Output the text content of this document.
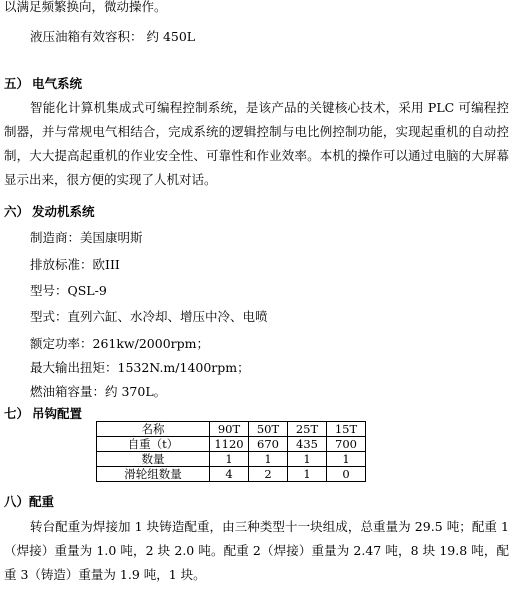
以满足频繁换向，微动操作。
液压油箱有效容积： 约 450L
五） 电气系统

智能化计算机集成式可编程控制系统，是该产品的关键核心技术，采用 PLC 可编程控制器，并与常规电气相结合，完成系统的逻辑控制与电比例控制功能，实现起重机的自动控制，大大提高起重机的作业安全性、可靠性和作业效率。本机的操作可以通过电脑的大屏幕显示出来，很方便的实现了人机对话。

六） 发动机系统
制造商：美国康明斯
排放标准：欧III
型号：QSL-9
型式：直列六缸、水冷却、增压中冷、电喷
额定功率：261kw/2000rpm；
最大输出扭矩：1532N.m/1400rpm；
燃油箱容量：约 370L。
七） 吊钩配置
名称	90T	50T	25T	15T
自重（t）	1120	670	435	700
数量	1	1	1	1
滑轮组数量	4	2	1	0
八）配重

转台配重为焊接加 1 块铸造配重，由三种类型十一块组成，总重量为 29.5 吨；配重 1（焊接）重量为 1.0 吨，2 块 2.0 吨。配重 2（焊接）重量为 2.47 吨，8 块 19.8 吨，配重 3（铸造）重量为 1.9 吨，1 块。
